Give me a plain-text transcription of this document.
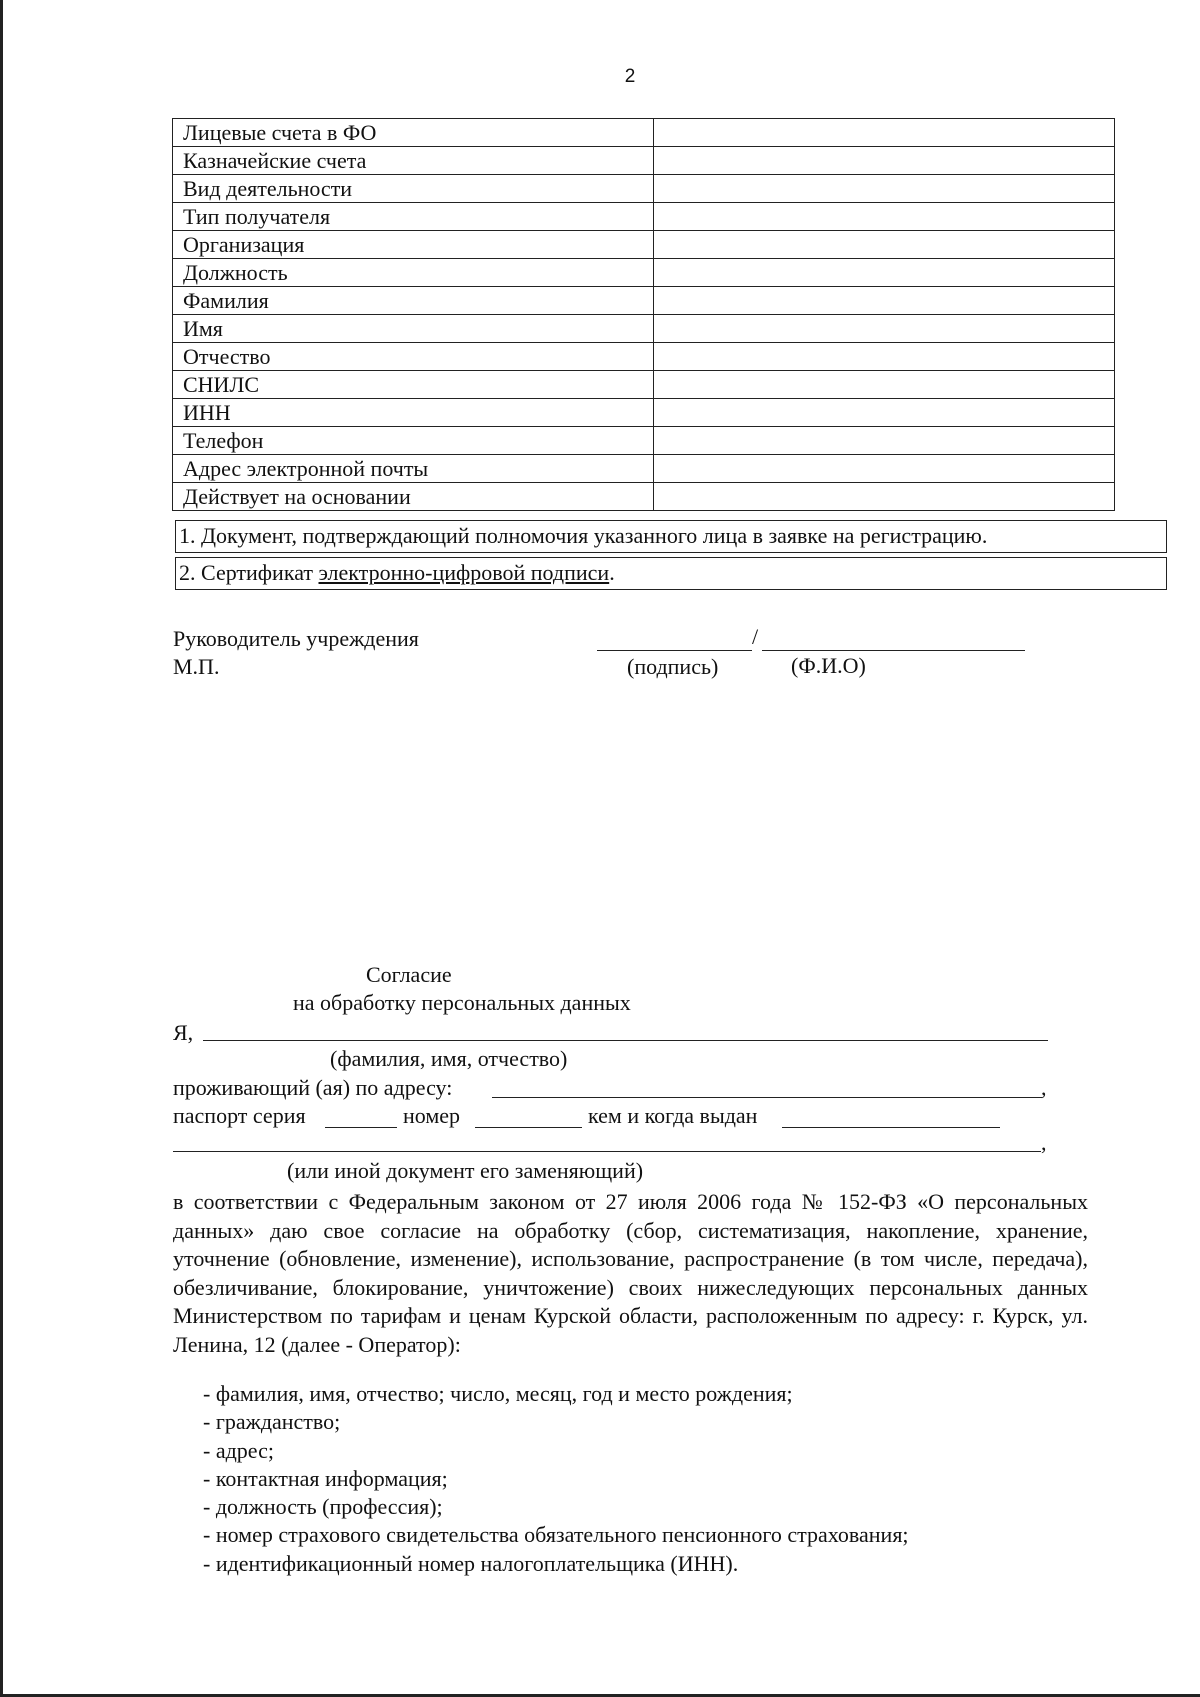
2
Лицевые счета в ФО	
Казначейские счета	
Вид деятельности	
Тип получателя	
Организация	
Должность	
Фамилия	
Имя	
Отчество	
СНИЛС	
ИНН	
Телефон	
Адрес электронной почты	
Действует на основании	
1. Документ, подтверждающий полномочия указанного лица в заявке на регистрацию.
2. Сертификат электронно-цифровой подписи.
Руководитель учреждения
М.П.
/
(подпись)	(Ф.И.О)
Согласие
на обработку персональных данных
Я,
(фамилия, имя, отчество)
проживающий (ая) по адресу:	,
паспорт серия	номер	кем и когда выдан
,
(или иной документ его заменяющий)
в соответствии с Федеральным законом от 27 июля 2006 года № 152-ФЗ «О персональных данных» даю свое согласие на обработку (сбор, систематизация, накопление, хранение, уточнение (обновление, изменение), использование, распространение (в том числе, передача), обезличивание, блокирование, уничтожение) своих нижеследующих персональных данных Министерством по тарифам и ценам Курской области, расположенным по адресу: г. Курск, ул. Ленина, 12 (далее - Оператор):
- фамилия, имя, отчество; число, месяц, год и место рождения;
- гражданство;
- адрес;
- контактная информация;
- должность (профессия);
- номер страхового свидетельства обязательного пенсионного страхования;
- идентификационный номер налогоплательщика (ИНН).
